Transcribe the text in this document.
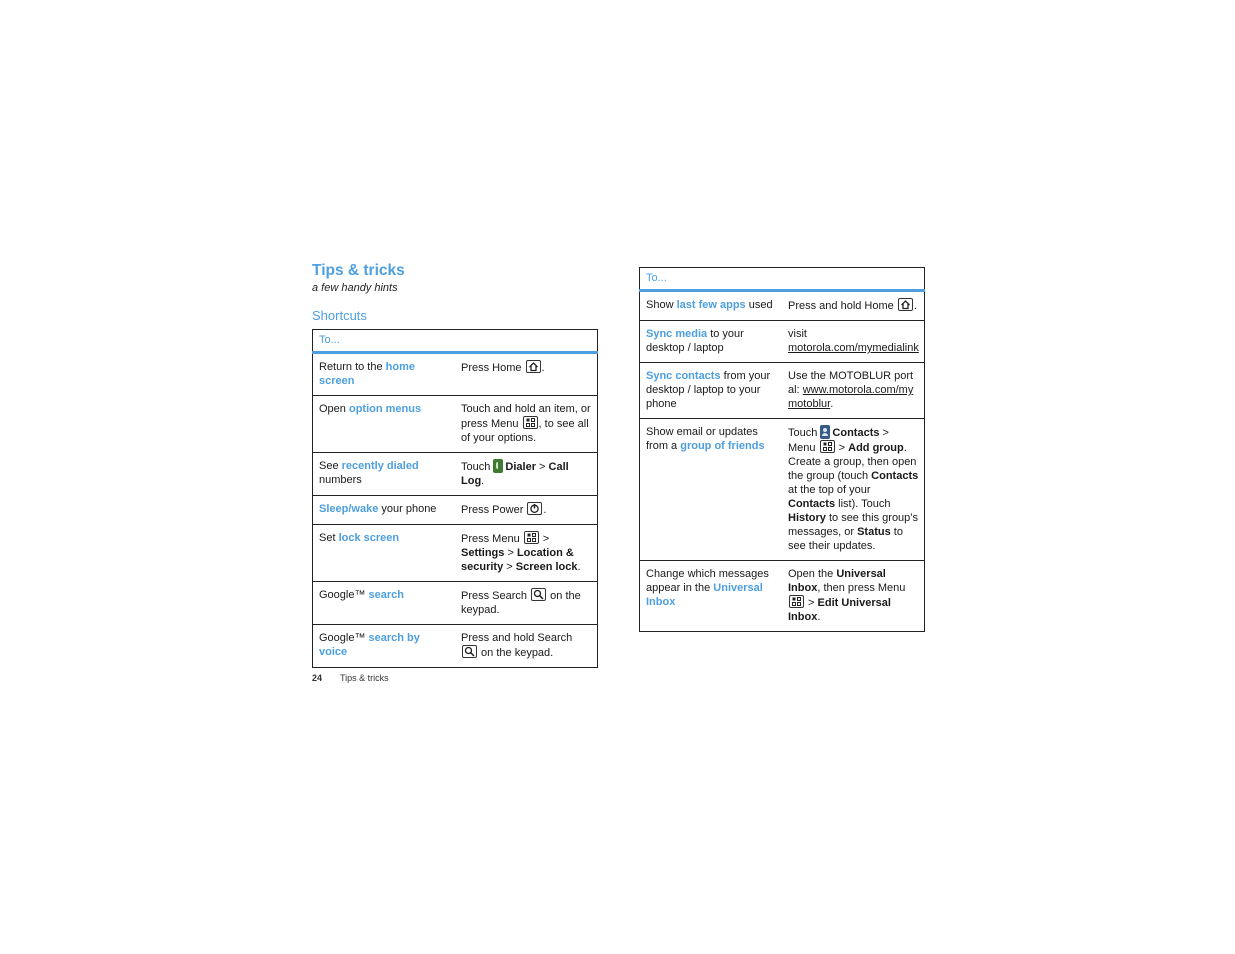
Tips & tricks
a few handy hints
Shortcuts
To...	
Return to the home screen	Press Home
.
Open option menus	Touch and hold an item, or press Menu
, to see all of your options.
See recently dialed numbers	Touch Dialer > Call Log.
Sleep/wake your phone	Press Power
.
Set lock screen	Press Menu
> Settings > Location & security > Screen lock.
Google™ search	Press Search
on the keypad.
Google™ search by voice	Press and hold Search
on the keypad.
To...	
Show last few apps used	Press and hold Home
.
Sync media to your desktop / laptop	visit
motorola.com/mymedialink
Sync contacts from your desktop / laptop to your phone	Use the MOTOBLUR portal: www.motorola.com/mymotoblur.
Show email or updates from a group of friends	Touch Contacts > Menu
> Add group. Create a group, then open the group (touch Contacts at the top of your Contacts list). Touch History to see this group’s messages, or Status to see their updates.
Change which messages appear in the Universal Inbox	Open the Universal Inbox, then press Menu
> Edit Universal Inbox.
24 Tips & tricks
